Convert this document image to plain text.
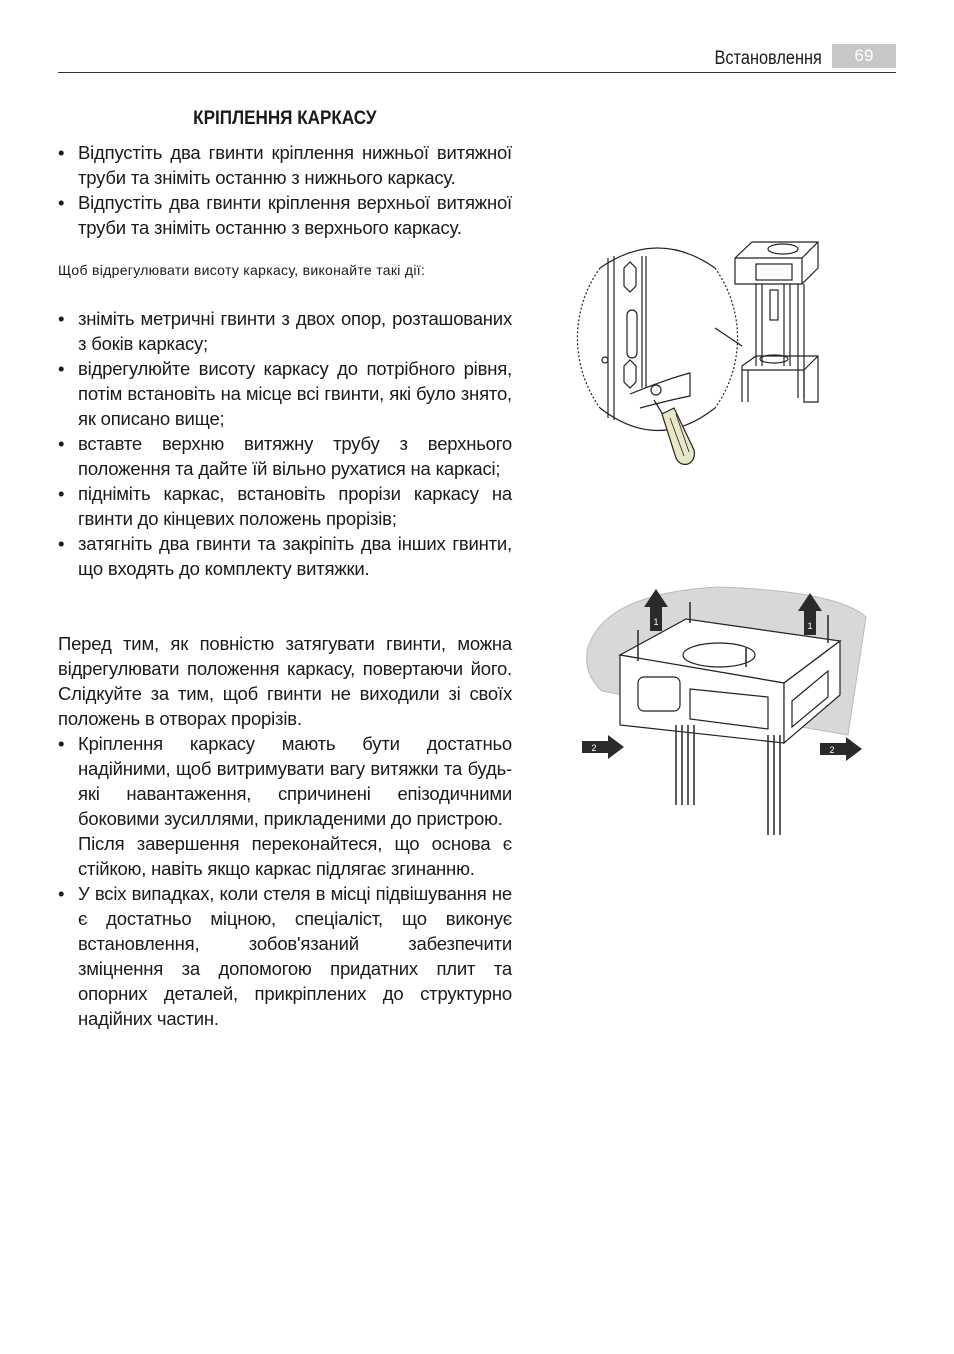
Встановлення	69
КРІПЛЕННЯ КАРКАСУ
• Відпустіть два гвинти кріплення нижньої витяжної труби та зніміть останню з нижнього каркасу.
• Відпустіть два гвинти кріплення верхньої витяжної труби та зніміть останню з верхнього каркасу.

Щоб відрегулювати висоту каркасу, виконайте такі дії:

• зніміть метричні гвинти з двох опор, розташованих з боків каркасу;
• відрегулюйте висоту каркасу до потрібного рівня, потім встановіть на місце всі гвинти, які було знято, як описано вище;
• вставте верхню витяжну трубу з верхнього положення та дайте їй вільно рухатися на каркасі;
• підніміть каркас, встановіть прорізи каркасу на гвинти до кінцевих положень прорізів;
• затягніть два гвинти та закріпіть два інших гвинти, що входять до комплекту витяжки.

Перед тим, як повністю затягувати гвинти, можна відрегулювати положення каркасу, повертаючи його. Слідкуйте за тим, щоб гвинти не виходили зі своїх положень в отворах прорізів.

• Кріплення каркасу мають бути достатньо надійними, щоб витримувати вагу витяжки та будь-які навантаження, спричинені епізодичними боковими зусиллями, прикладеними до пристрою.
Після завершення переконайтеся, що основа є стійкою, навіть якщо каркас підлягає згинанню.
• У всіх випадках, коли стеля в місці підвішування не є достатньо міцною, спеціаліст, що виконує встановлення, зобов'язаний забезпечити зміцнення за допомогою придатних плит та опорних деталей, прикріплених до структурно надійних частин.
1	1
2	2
